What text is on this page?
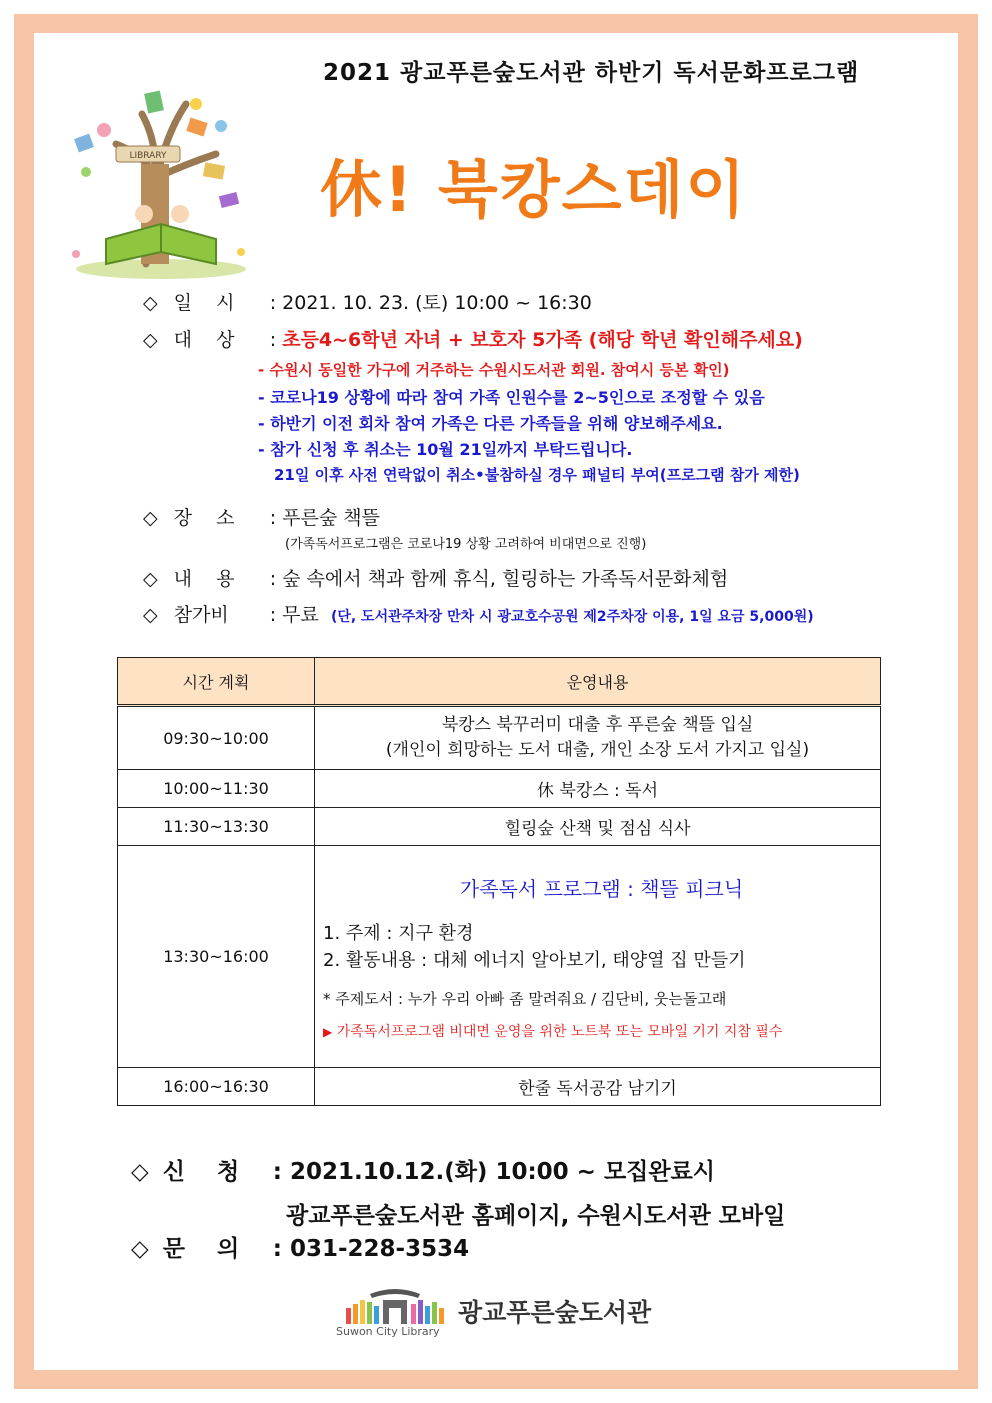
LIBRARY
2021 광교푸른숲도서관 하반기 독서문화프로그램
休! 북캉스데이
◇ 일    시 : 2021. 10. 23. (토) 10:00 ~ 16:30
◇ 대    상 : 초등4~6학년 자녀 + 보호자 5가족 (해당 학년 확인해주세요)
- 수원시 동일한 가구에 거주하는 수원시도서관 회원. 참여시 등본 확인)
- 코로나19 상황에 따라 참여 가족 인원수를 2~5인으로 조정할 수 있음
- 하반기 이전 회차 참여 가족은 다른 가족들을 위해 양보해주세요.
- 참가 신청 후 취소는 10월 21일까지 부탁드립니다.
21일 이후 사전 연락없이 취소•불참하실 경우 패널티 부여(프로그램 참가 제한)
◇ 장    소 : 푸른숲 책뜰
(가족독서프로그램은 코로나19 상황 고려하여 비대면으로 진행)
◇ 내    용 : 숲 속에서 책과 함께 휴식, 힐링하는 가족독서문화체험
◇ 참가비 : 무료 (단, 도서관주차장 만차 시 광교호수공원 제2주차장 이용, 1일 요금 5,000원)
시간 계획	운영내용
09:30~10:00	북캉스 북꾸러미 대출 후 푸른숲 책뜰 입실
(개인이 희망하는 도서 대출, 개인 소장 도서 가지고 입실)

10:00~11:30	休 북캉스 : 독서
11:30~13:30	힐링숲 산책 및 점심 식사
13:30~16:00	가족독서 프로그램 : 책뜰 피크닉
1. 주제 : 지구 환경
2. 활동내용 : 대체 에너지 알아보기, 태양열 집 만들기
* 주제도서 : 누가 우리 아빠 좀 말려줘요 / 김단비, 웃는돌고래
▶ 가족독서프로그램 비대면 운영을 위한 노트북 또는 모바일 기기 지참 필수

16:00~16:30	한줄 독서공감 남기기
◇ 신    청 : 2021.10.12.(화) 10:00 ~ 모집완료시
광교푸른숲도서관 홈페이지, 수원시도서관 모바일
◇ 문    의 : 031-228-3534
광교푸른숲도서관
Suwon City Library
